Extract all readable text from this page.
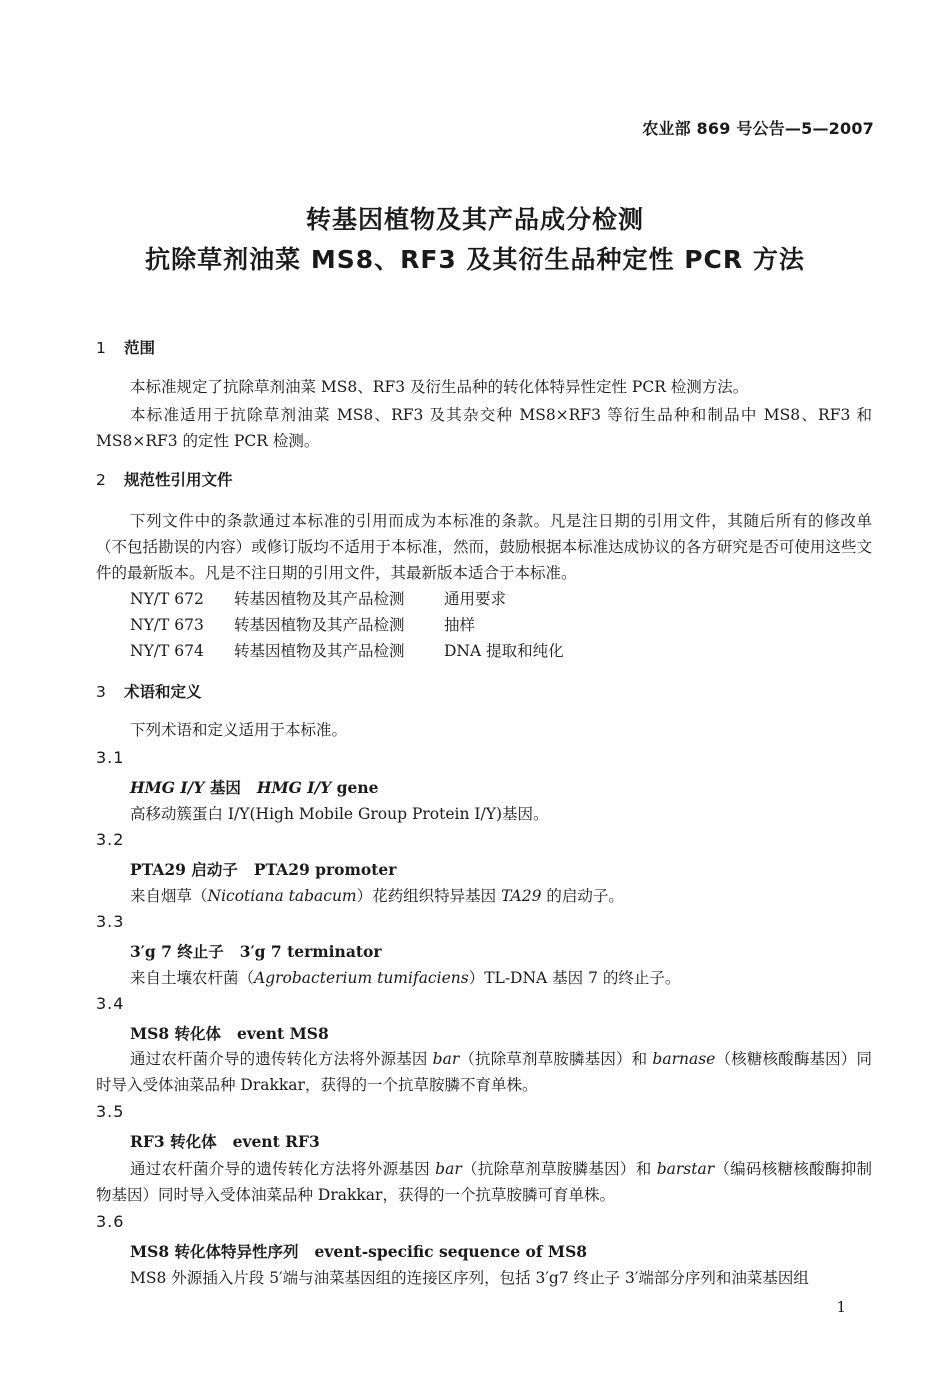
农业部 869 号公告—5—2007
转基因植物及其产品成分检测
抗除草剂油菜 MS8、RF3 及其衍生品种定性 PCR 方法
1 范围

本标准规定了抗除草剂油菜 MS8、RF3 及衍生品种的转化体特异性定性 PCR 检测方法。

本标准适用于抗除草剂油菜 MS8、RF3 及其杂交种 MS8×RF3 等衍生品种和制品中 MS8、RF3 和 MS8×RF3 的定性 PCR 检测。

2 规范性引用文件

下列文件中的条款通过本标准的引用而成为本标准的条款。凡是注日期的引用文件，其随后所有的修改单（不包括勘误的内容）或修订版均不适用于本标准，然而，鼓励根据本标准达成协议的各方研究是否可使用这些文件的最新版本。凡是不注日期的引用文件，其最新版本适合于本标准。

NY/T 672 转基因植物及其产品检测	通用要求
NY/T 673 转基因植物及其产品检测	抽样
NY/T 674 转基因植物及其产品检测	DNA 提取和纯化
3 术语和定义

下列术语和定义适用于本标准。

3.1
HMG I/Y 基因 HMG I/Y gene

高移动簇蛋白 I/Y(High Mobile Group Protein I/Y)基因。

3.2
PTA29 启动子 PTA29 promoter

来自烟草（Nicotiana tabacum）花药组织特异基因 TA29 的启动子。

3.3
3′g 7 终止子 3′g 7 terminator

来自土壤农杆菌（Agrobacterium tumifaciens）TL-DNA 基因 7 的终止子。

3.4
MS8 转化体 event MS8

通过农杆菌介导的遗传转化方法将外源基因 bar（抗除草剂草胺膦基因）和 barnase（核糖核酸酶基因）同时导入受体油菜品种 Drakkar，获得的一个抗草胺膦不育单株。

3.5
RF3 转化体 event RF3

通过农杆菌介导的遗传转化方法将外源基因 bar（抗除草剂草胺膦基因）和 barstar（编码核糖核酸酶抑制物基因）同时导入受体油菜品种 Drakkar，获得的一个抗草胺膦可育单株。

3.6
MS8 转化体特异性序列 event-specific sequence of MS8

MS8 外源插入片段 5′端与油菜基因组的连接区序列，包括 3′g7 终止子 3′端部分序列和油菜基因组

1
